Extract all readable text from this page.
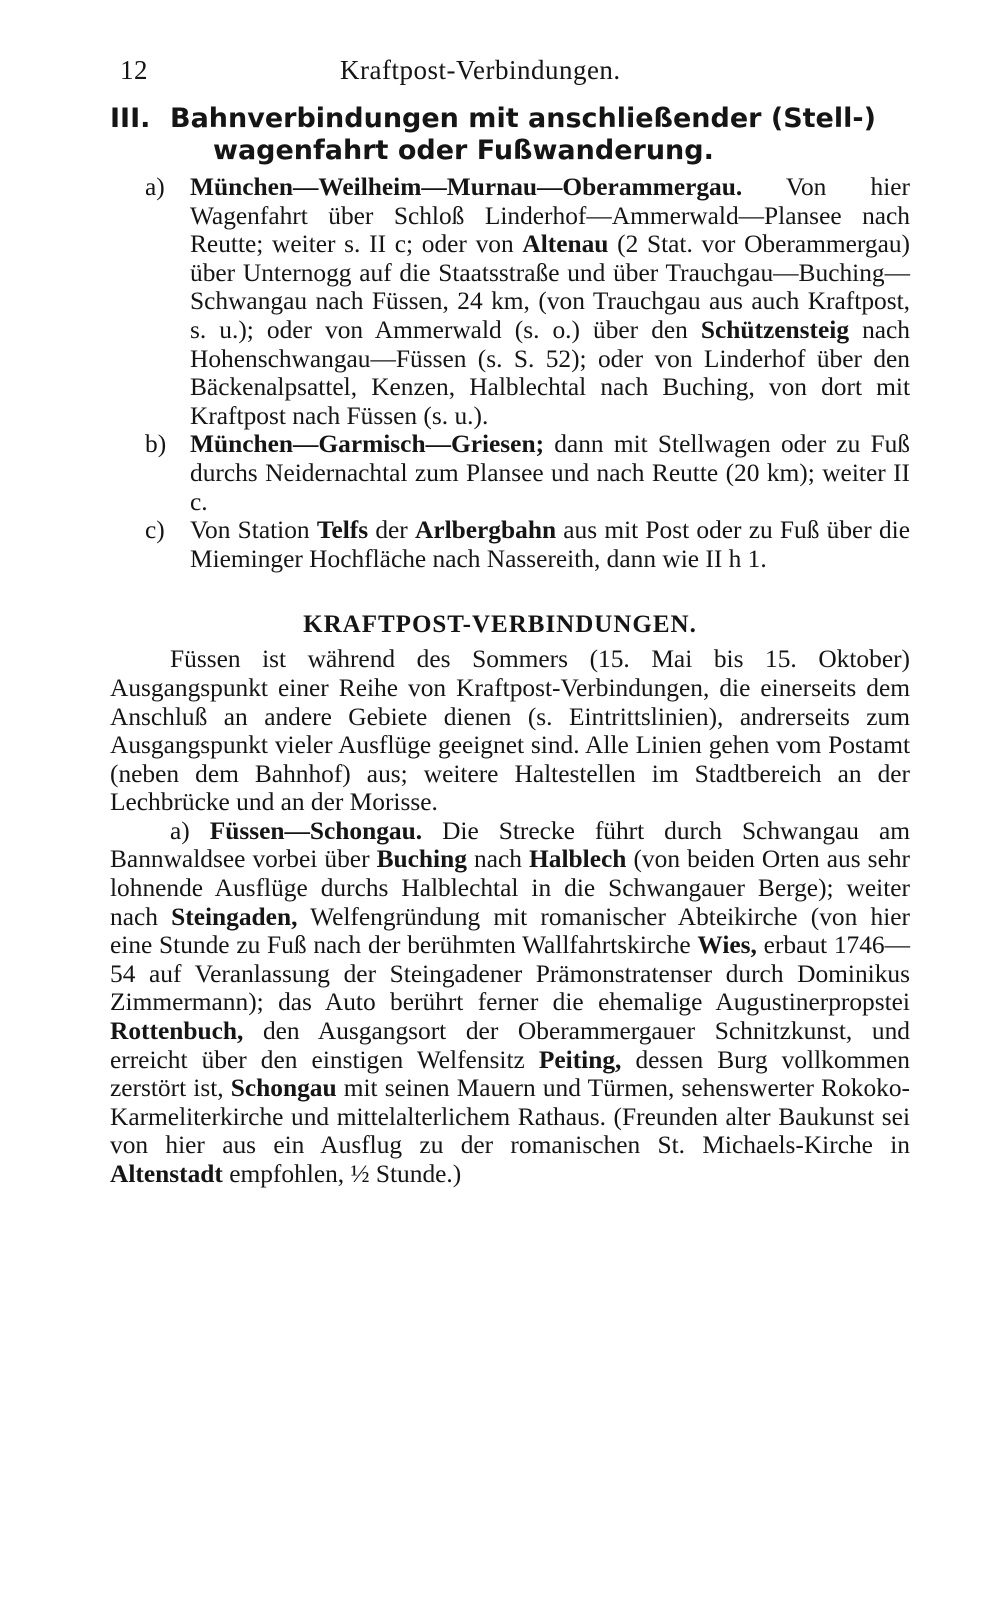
12	Kraftpost-Verbindungen.
III. Bahnverbindungen mit anschließender (Stell-)
wagenfahrt oder Fußwanderung.

a) München—Weilheim—Murnau—Oberammergau. Von hier Wagenfahrt über Schloß Linderhof—Ammerwald—Plansee nach Reutte; weiter s. II c; oder von Altenau (2 Stat. vor Oberammergau) über Unternogg auf die Staatsstraße und über Trauchgau—Buching—Schwangau nach Füssen, 24 km, (von Trauchgau aus auch Kraftpost, s. u.); oder von Ammerwald (s. o.) über den Schützensteig nach Hohenschwangau—Füssen (s. S. 52); oder von Linderhof über den Bäckenalpsattel, Kenzen, Halblechtal nach Buching, von dort mit Kraftpost nach Füssen (s. u.).

b) München—Garmisch—Griesen; dann mit Stellwagen oder zu Fuß durchs Neidernachtal zum Plansee und nach Reutte (20 km); weiter II c.

c) Von Station Telfs der Arlbergbahn aus mit Post oder zu Fuß über die Mieminger Hochfläche nach Nassereith, dann wie II h 1.

KRAFTPOST-VERBINDUNGEN.

Füssen ist während des Sommers (15. Mai bis 15. Oktober) Ausgangspunkt einer Reihe von Kraftpost-Verbindungen, die einerseits dem Anschluß an andere Gebiete dienen (s. Eintrittslinien), andrerseits zum Ausgangspunkt vieler Ausflüge geeignet sind. Alle Linien gehen vom Postamt (neben dem Bahnhof) aus; weitere Haltestellen im Stadtbereich an der Lechbrücke und an der Morisse.

a) Füssen—Schongau. Die Strecke führt durch Schwangau am Bannwaldsee vorbei über Buching nach Halblech (von beiden Orten aus sehr lohnende Ausflüge durchs Halblechtal in die Schwangauer Berge); weiter nach Steingaden, Welfengründung mit romanischer Abteikirche (von hier eine Stunde zu Fuß nach der berühmten Wallfahrtskirche Wies, erbaut 1746—54 auf Veranlassung der Steingadener Prämonstratenser durch Dominikus Zimmermann); das Auto berührt ferner die ehemalige Augustinerpropstei Rottenbuch, den Ausgangsort der Oberammergauer Schnitzkunst, und erreicht über den einstigen Welfensitz Peiting, dessen Burg vollkommen zerstört ist, Schongau mit seinen Mauern und Türmen, sehenswerter Rokoko-Karmeliterkirche und mittelalterlichem Rathaus. (Freunden alter Baukunst sei von hier aus ein Ausflug zu der romanischen St. Michaels-Kirche in Altenstadt empfohlen, ½ Stunde.)
